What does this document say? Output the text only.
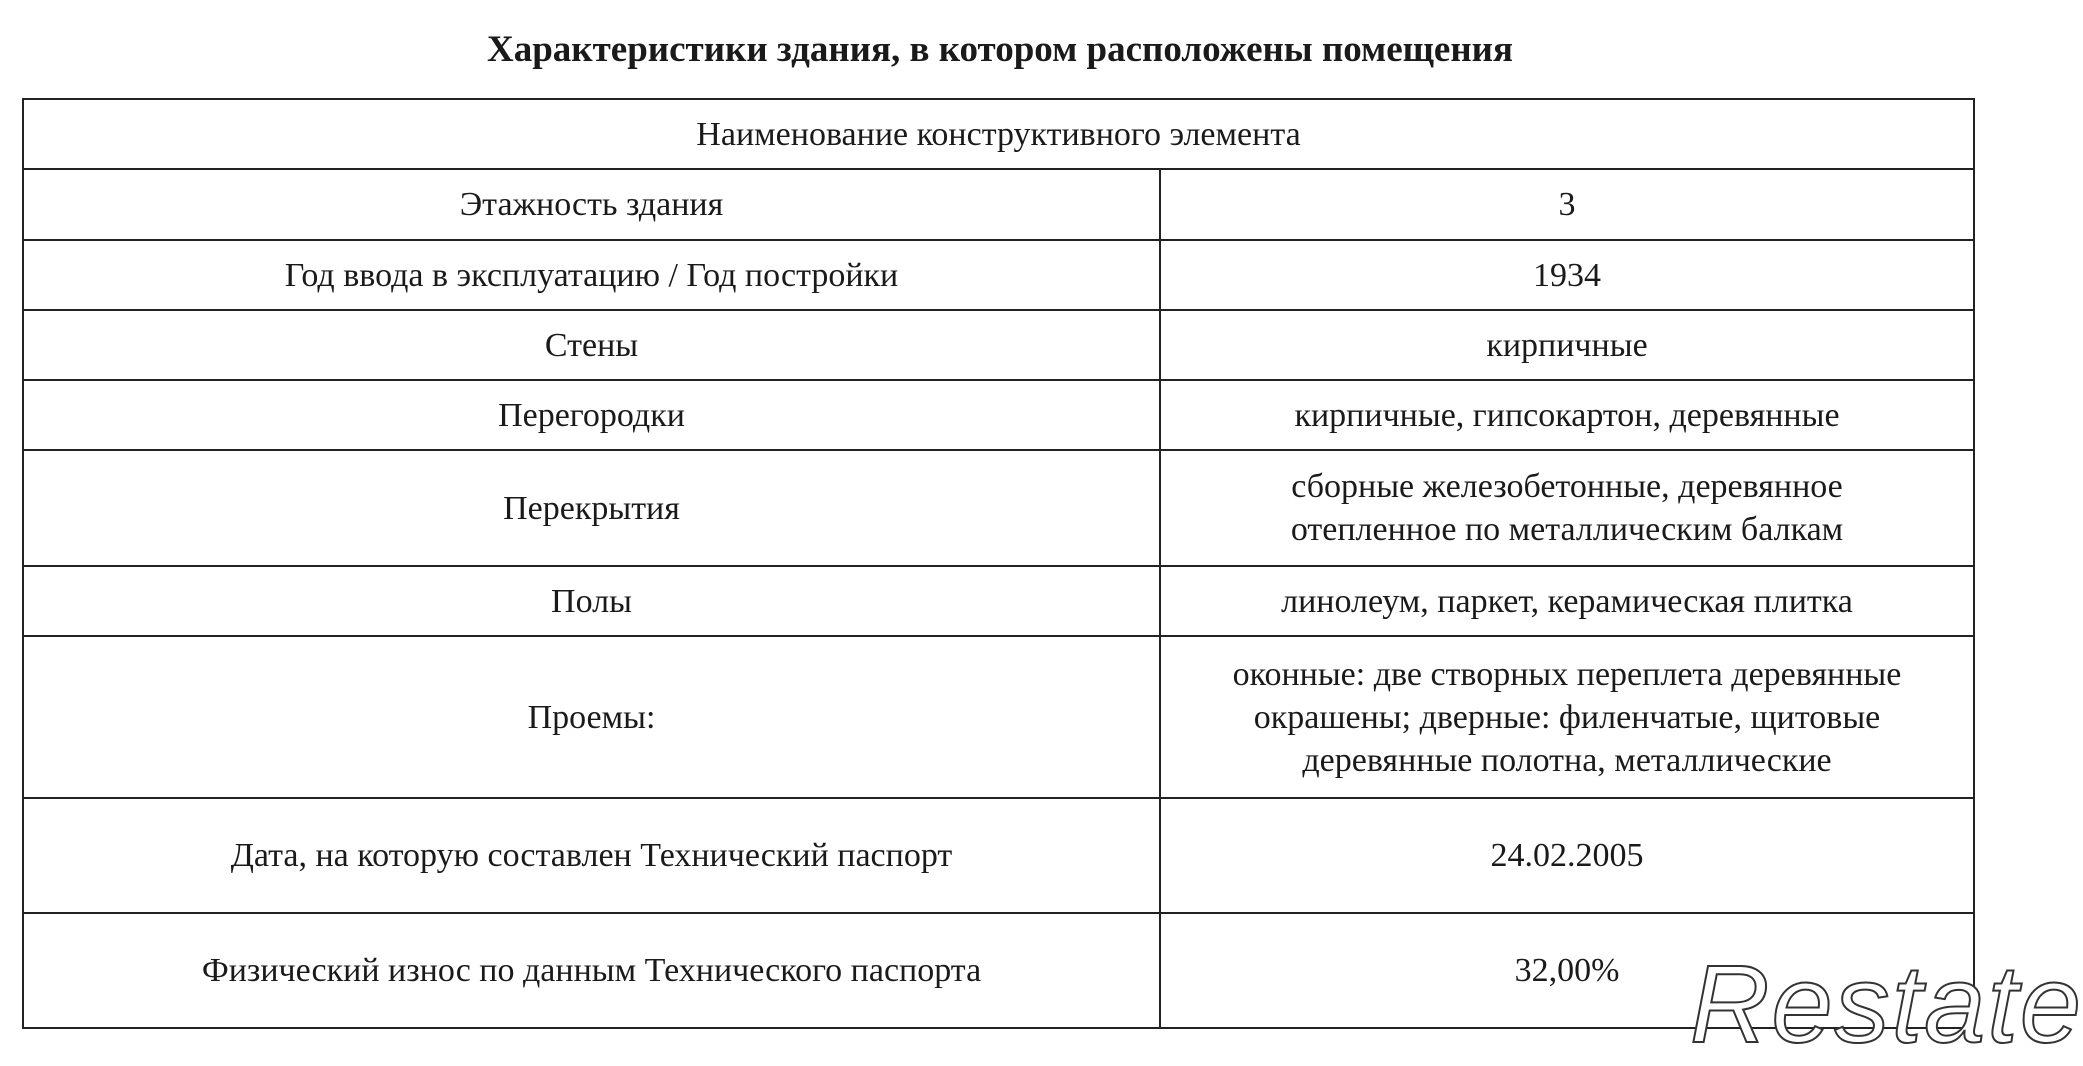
Характеристики здания, в котором расположены помещения
Наименование конструктивного элемента	
Этажность здания	3
Год ввода в эксплуатацию / Год постройки	1934
Стены	кирпичные
Перегородки	кирпичные, гипсокартон, деревянные
Перекрытия	сборные железобетонные, деревянное отепленное по металлическим балкам
Полы	линолеум, паркет, керамическая плитка
Проемы:	оконные: две створных переплета деревянные окрашены; дверные: филенчатые, щитовые деревянные полотна, металлические
Дата, на которую составлен Технический паспорт	24.02.2005
Физический износ по данным Технического паспорта	32,00% Restate
